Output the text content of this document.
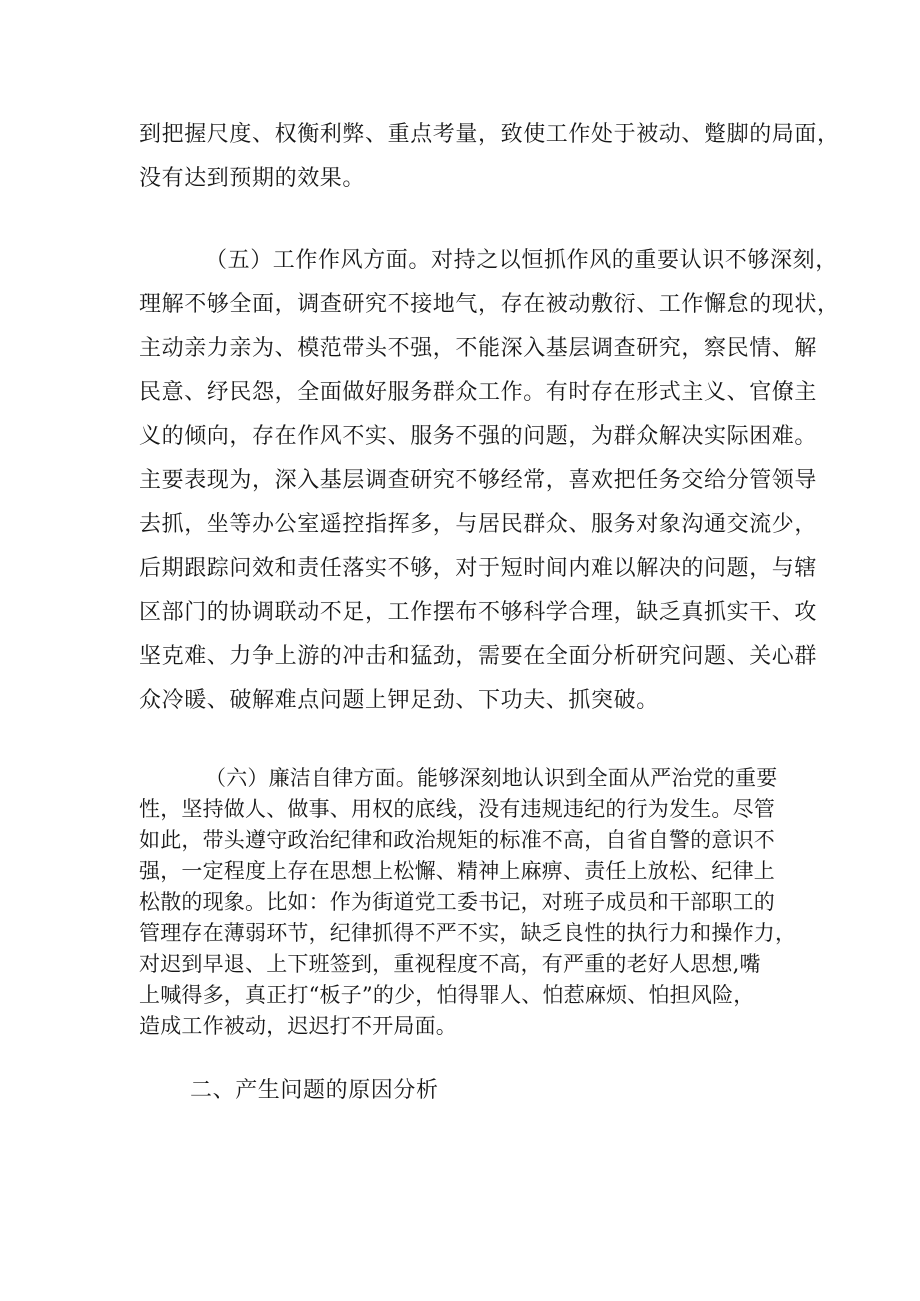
到把握尺度、权衡利弊、重点考量，致使工作处于被动、蹩脚的局面，

没有达到预期的效果。

（五）工作作风方面。对持之以恒抓作风的重要认识不够深刻，

理解不够全面，调查研究不接地气，存在被动敷衍、工作懈怠的现状，

主动亲力亲为、模范带头不强，不能深入基层调查研究，察民情、解

民意、纾民怨，全面做好服务群众工作。有时存在形式主义、官僚主

义的倾向，存在作风不实、服务不强的问题，为群众解决实际困难。

主要表现为，深入基层调查研究不够经常，喜欢把任务交给分管领导

去抓，坐等办公室遥控指挥多，与居民群众、服务对象沟通交流少，

后期跟踪问效和责任落实不够，对于短时间内难以解决的问题，与辖

区部门的协调联动不足，工作摆布不够科学合理，缺乏真抓实干、攻

坚克难、力争上游的冲击和猛劲，需要在全面分析研究问题、关心群

众冷暖、破解难点问题上钾足劲、下功夫、抓突破。

（六）廉洁自律方面。能够深刻地认识到全面从严治党的重要

性，坚持做人、做事、用权的底线，没有违规违纪的行为发生。尽管

如此，带头遵守政治纪律和政治规矩的标准不高，自省自警的意识不

强，一定程度上存在思想上松懈、精神上麻痹、责任上放松、纪律上

松散的现象。比如：作为街道党工委书记，对班子成员和干部职工的

管理存在薄弱环节，纪律抓得不严不实，缺乏良性的执行力和操作力，

对迟到早退、上下班签到，重视程度不高，有严重的老好人思想,嘴

上喊得多，真正打“板子”的少，怕得罪人、怕惹麻烦、怕担风险，

造成工作被动，迟迟打不开局面。

二、产生问题的原因分析
